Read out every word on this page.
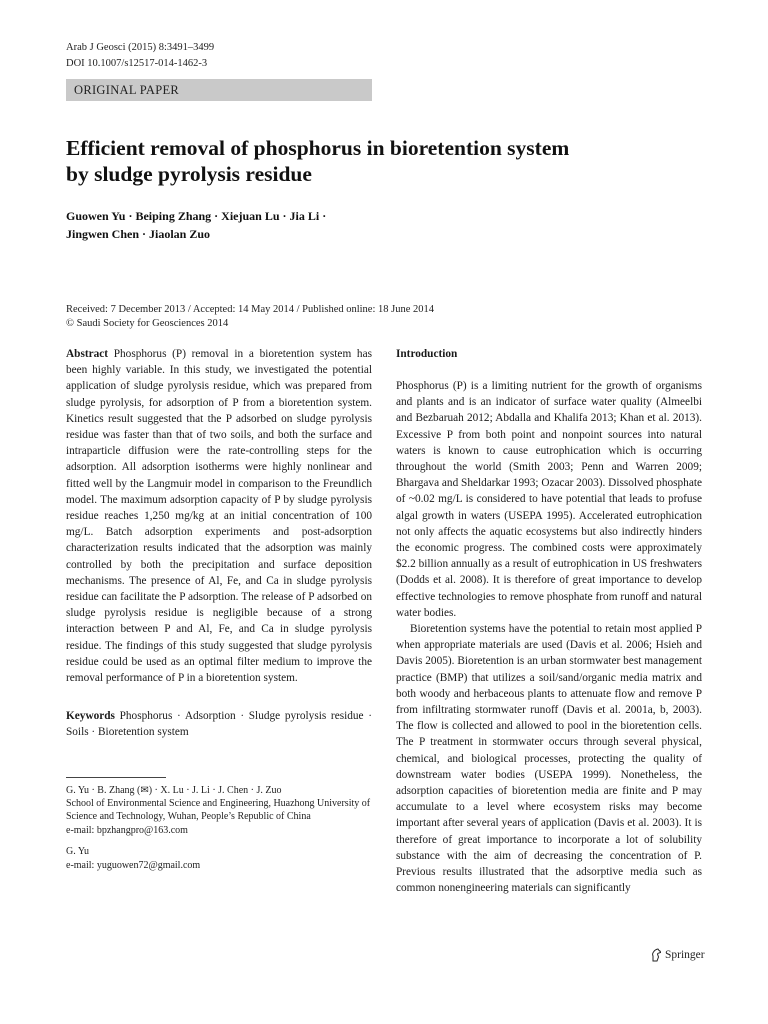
Arab J Geosci (2015) 8:3491–3499
DOI 10.1007/s12517-014-1462-3
ORIGINAL PAPER
Efficient removal of phosphorus in bioretention system
by sludge pyrolysis residue
Guowen Yu · Beiping Zhang · Xiejuan Lu · Jia Li ·
Jingwen Chen · Jiaolan Zuo
Received: 7 December 2013 / Accepted: 14 May 2014 / Published online: 18 June 2014
© Saudi Society for Geosciences 2014

Abstract Phosphorus (P) removal in a bioretention system has been highly variable. In this study, we investigated the potential application of sludge pyrolysis residue, which was prepared from sludge pyrolysis, for adsorption of P from a bioretention system. Kinetics result suggested that the P adsorbed on sludge pyrolysis residue was faster than that of two soils, and both the surface and intraparticle diffusion were the rate-controlling steps for the adsorption. All adsorption isotherms were highly nonlinear and fitted well by the Langmuir model in comparison to the Freundlich model. The maximum adsorption capacity of P by sludge pyrolysis residue reaches 1,250 mg/kg at an initial concentration of 100 mg/L. Batch adsorption experiments and post-adsorption characterization results indicated that the adsorption was mainly controlled by both the precipitation and surface deposition mechanisms. The presence of Al, Fe, and Ca in sludge pyrolysis residue can facilitate the P adsorption. The release of P adsorbed on sludge pyrolysis residue is negligible because of a strong interaction between P and Al, Fe, and Ca in sludge pyrolysis residue. The findings of this study suggested that sludge pyrolysis residue could be used as an optimal filter medium to improve the removal performance of P in a bioretention system.

Keywords Phosphorus · Adsorption · Sludge pyrolysis residue · Soils · Bioretention system

G. Yu · B. Zhang (✉) · X. Lu · J. Li · J. Chen · J. Zuo

School of Environmental Science and Engineering, Huazhong University of Science and Technology, Wuhan, People’s Republic of China

e-mail: bpzhangpro@163.com

G. Yu

e-mail: yuguowen72@gmail.com

Introduction

Phosphorus (P) is a limiting nutrient for the growth of organisms and plants and is an indicator of surface water quality (Almeelbi and Bezbaruah 2012; Abdalla and Khalifa 2013; Khan et al. 2013). Excessive P from both point and nonpoint sources into natural waters is known to cause eutrophication which is occurring throughout the world (Smith 2003; Penn and Warren 2009; Bhargava and Sheldarkar 1993; Ozacar 2003). Dissolved phosphate of ~0.02 mg/L is considered to have potential that leads to profuse algal growth in waters (USEPA 1995). Accelerated eutrophication not only affects the aquatic ecosystems but also indirectly hinders the economic progress. The combined costs were approximately $2.2 billion annually as a result of eutrophication in US freshwaters (Dodds et al. 2008). It is therefore of great importance to develop effective technologies to remove phosphate from runoff and natural water bodies.

Bioretention systems have the potential to retain most applied P when appropriate materials are used (Davis et al. 2006; Hsieh and Davis 2005). Bioretention is an urban stormwater best management practice (BMP) that utilizes a soil/sand/organic media matrix and both woody and herbaceous plants to attenuate flow and remove P from infiltrating stormwater runoff (Davis et al. 2001a, b, 2003). The flow is collected and allowed to pool in the bioretention cells. The P treatment in stormwater occurs through several physical, chemical, and biological processes, protecting the quality of downstream water bodies (USEPA 1999). Nonetheless, the adsorption capacities of bioretention media are finite and P may accumulate to a level where ecosystem risks may become important after several years of application (Davis et al. 2003). It is therefore of great importance to incorporate a lot of solubility substance with the aim of decreasing the concentration of P. Previous results illustrated that the adsorptive media such as common nonengineering materials can significantly

Springer
